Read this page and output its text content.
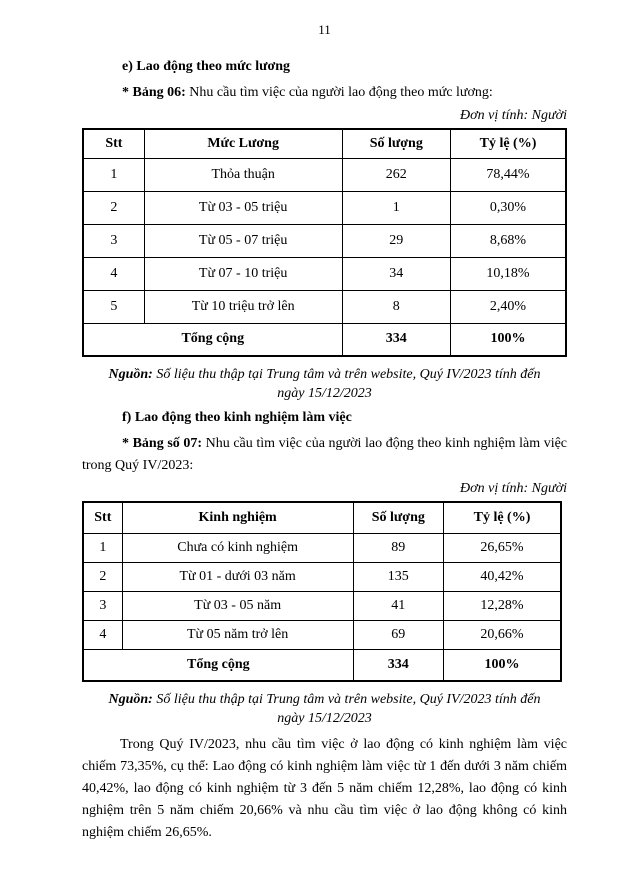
11
e) Lao động theo mức lương

* Bảng 06: Nhu cầu tìm việc của người lao động theo mức lương:

Đơn vị tính: Người
Stt	Mức Lương	Số lượng	Tỷ lệ (%)
1	Thỏa thuận	262	78,44%
2	Từ 03 - 05 triệu	1	0,30%
3	Từ 05 - 07 triệu	29	8,68%
4	Từ 07 - 10 triệu	34	10,18%
5	Từ 10 triệu trở lên	8	2,40%
Tổng cộng		334	100%
Nguồn: Số liệu thu thập tại Trung tâm và trên website, Quý IV/2023 tính đến
ngày 15/12/2023
f) Lao động theo kinh nghiệm làm việc

* Bảng số 07: Nhu cầu tìm việc của người lao động theo kinh nghiệm làm việc trong Quý IV/2023:

Đơn vị tính: Người
Stt	Kinh nghiệm	Số lượng	Tỷ lệ (%)
1	Chưa có kinh nghiệm	89	26,65%
2	Từ 01 - dưới 03 năm	135	40,42%
3	Từ 03 - 05 năm	41	12,28%
4	Từ 05 năm trở lên	69	20,66%
Tổng cộng		334	100%
Nguồn: Số liệu thu thập tại Trung tâm và trên website, Quý IV/2023 tính đến
ngày 15/12/2023

Trong Quý IV/2023, nhu cầu tìm việc ở lao động có kinh nghiệm làm việc chiếm 73,35%, cụ thể: Lao động có kinh nghiệm làm việc từ 1 đến dưới 3 năm chiếm 40,42%, lao động có kinh nghiệm từ 3 đến 5 năm chiếm 12,28%, lao động có kinh nghiệm trên 5 năm chiếm 20,66% và nhu cầu tìm việc ở lao động không có kinh nghiệm chiếm 26,65%.
